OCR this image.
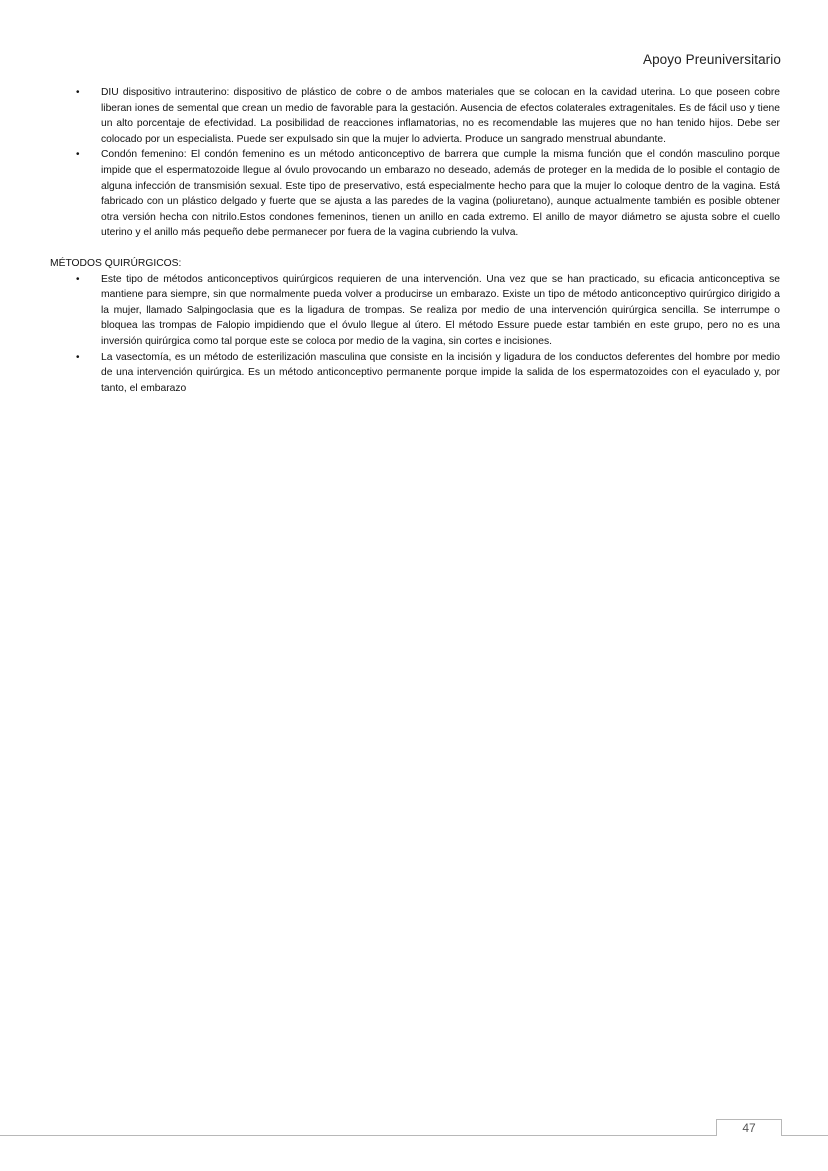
Apoyo Preuniversitario
• DIU dispositivo intrauterino: dispositivo de plástico de cobre o de ambos materiales que se colocan en la cavidad uterina. Lo que poseen cobre liberan iones de semental que crean un medio de favorable para la gestación. Ausencia de efectos colaterales extragenitales. Es de fácil uso y tiene un alto porcentaje de efectividad. La posibilidad de reacciones inflamatorias, no es recomendable las mujeres que no han tenido hijos. Debe ser colocado por un especialista. Puede ser expulsado sin que la mujer lo advierta. Produce un sangrado menstrual abundante.
• Condón femenino: El condón femenino es un método anticonceptivo de barrera que cumple la misma función que el condón masculino porque impide que el espermatozoide llegue al óvulo provocando un embarazo no deseado, además de proteger en la medida de lo posible el contagio de alguna infección de transmisión sexual. Este tipo de preservativo, está especialmente hecho para que la mujer lo coloque dentro de la vagina. Está fabricado con un plástico delgado y fuerte que se ajusta a las paredes de la vagina (poliuretano), aunque actualmente también es posible obtener otra versión hecha con nitrilo.Estos condones femeninos, tienen un anillo en cada extremo. El anillo de mayor diámetro se ajusta sobre el cuello uterino y el anillo más pequeño debe permanecer por fuera de la vagina cubriendo la vulva.
MÉTODOS QUIRÚRGICOS:
• Este tipo de métodos anticonceptivos quirúrgicos requieren de una intervención. Una vez que se han practicado, su eficacia anticonceptiva se mantiene para siempre, sin que normalmente pueda volver a producirse un embarazo. Existe un tipo de método anticonceptivo quirúrgico dirigido a la mujer, llamado Salpingoclasia que es la ligadura de trompas. Se realiza por medio de una intervención quirúrgica sencilla. Se interrumpe o bloquea las trompas de Falopio impidiendo que el óvulo llegue al útero. El método Essure puede estar también en este grupo, pero no es una inversión quirúrgica como tal porque este se coloca por medio de la vagina, sin cortes e incisiones.
• La vasectomía, es un método de esterilización masculina que consiste en la incisión y ligadura de los conductos deferentes del hombre por medio de una intervención quirúrgica. Es un método anticonceptivo permanente porque impide la salida de los espermatozoides con el eyaculado y, por tanto, el embarazo
47
